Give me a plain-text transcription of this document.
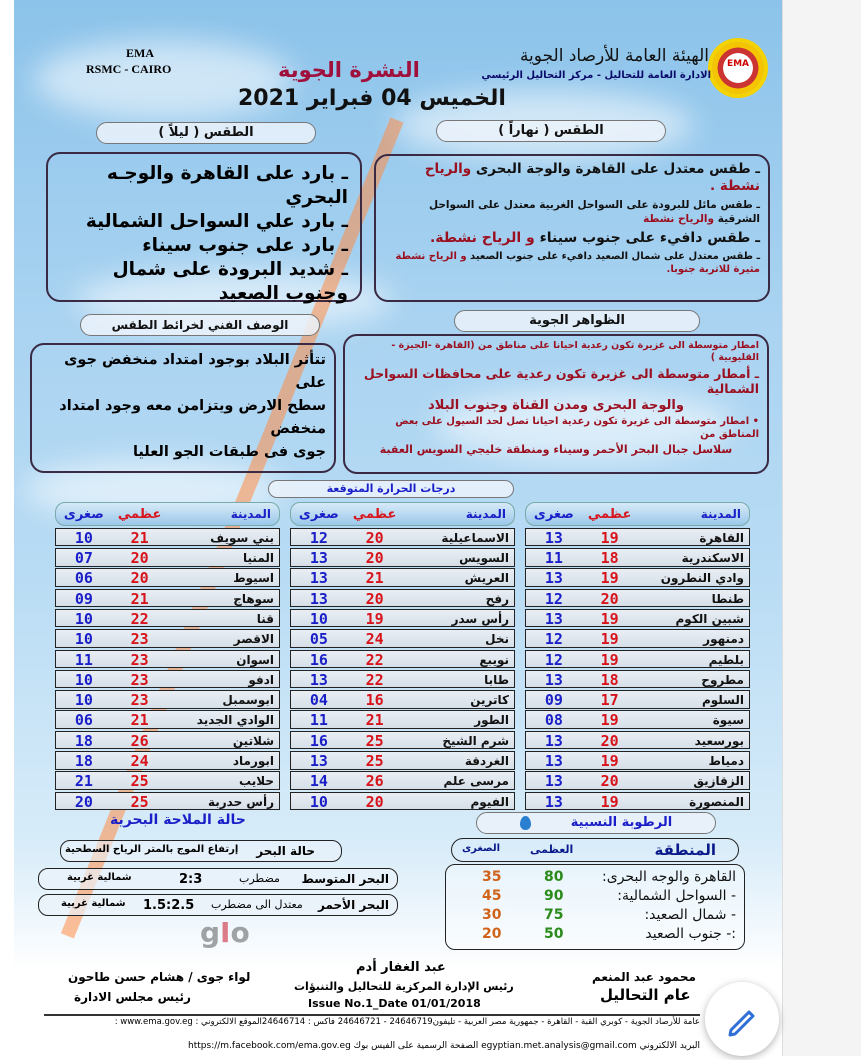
EMA
الهيئة العامة للأرصاد الجوية
الادارة العامة للتحاليل - مركز التحاليل الرئيسي
EMA
RSMC - CAIRO	النشرة الجوية
الخميس 04 فبراير 2021
الطقس ( نهاراً )
الطقس ( ليلاً )
ـ طقس معتدل على القاهرة والوجة البحرى والرياح نشطة .
ـ طقس مائل للبرودة على السواحل الغربية معتدل على السواحل الشرقية والرياح نشطة
ـ طقس دافيء على جنوب سيناء و الرياح نشطة.
ـ طقس معتدل على شمال الصعيد دافيء على جنوب الصعيد و الرياح نشطة مثيرة للاتربة جنوبا.
ـ بارد على القاهرة والوجـه البحري
ـ بارد علي السواحل الشمالية
ـ بارد على جنوب سيناء
ـ شديد البرودة على شمال وجنوب الصعيد
الوصف الفني لخرائط الطقس	الظواهر الجوية
تتأثر البلاد بوجود امتداد منخفض جوى على
سطح الارض ويتزامن معه وجود امتداد منخفض
جوى فى طبقات الجو العليا
امطار متوسطة الى غزيرة تكون رعدية احيانا على مناطق من (القاهرة -الجيزة - القليوبية )
ـ أمطار متوسطة الى غزيرة تكون رعدية على محافظات السواحل الشمالية
والوجة البحرى ومدن القناة وجنوب البلاد
• امطار متوسطة الى غزيرة تكون رعدية احيانا تصل لحد السيول على بعض المناطق من
سلاسل جبال البحر الأحمر وسيناء ومنطقة خليجي السويس العقبة
درجات الحرارة المتوقعة
صغرى	عظمي	المدينة
13	19	القاهرة
11	18	الاسكندرية
13	19	وادي النطرون
12	20	طنطا
13	19	شبين الكوم
12	19	دمنهور
12	19	بلطيم
13	18	مطروح
09	17	السلوم
08	19	سيوة
13	20	بورسعيد
13	19	دمياط
13	20	الزقازيق
13	19	المنصورة
صغرى	عظمي	المدينة
12	20	الاسماعيلية
13	20	السويس
13	21	العريش
13	20	رفح
10	19	رأس سدر
05	24	نخل
16	22	نويبع
13	22	طابا
04	16	كاترين
11	21	الطور
16	25	شرم الشيخ
13	25	الغردقة
14	26	مرسى علم
10	20	الفيوم
صغرى	عظمي	المدينة
10	21	بني سويف
07	20	المنيا
06	20	اسيوط
09	21	سوهاج
10	22	قنا
10	23	الاقصر
11	23	اسوان
10	23	ادفو
10	23	ابوسمبل
06	21	الوادي الجديد
18	26	شلاتين
18	24	ابورماد
21	25	حلايب
20	25	رأس حدربة
حالة الملاحة البحرية
حالة البحر
إرتفاع الموج بالمتر
الرياح السطحية
البحر المتوسط
مضطرب
2:3
شمالية غربية
البحر الأحمر
معتدل الى مضطرب
1.5:2.5
شمالية غربية
gIo
الرطوبة النسبية
المنطقة
العظمى
الصغرى
القاهرة والوجه البحرى:
80
35
- السواحل الشمالية:
90
45
- شمال الصعيد:
75
30
:- جنوب الصعيد
50
20
محمود عبد المنعم
عام التحاليل
عبد الغفار أدم
رئيس الإدارة المركزية للتحاليل والتنبؤات
Issue No.1_Date 01/01/2018
لواء جوى / هشام حسن طاحون
رئيس مجلس الادارة
عامة للأرصاد الجوية - كوبري القبة - القاهرة - جمهورية مصر العربية - تليفون24646719 - 24646721 فاكس : 24646714الموقع الالكتروني : www.ema.gov.eg :
البريد الالكتروني egyptian.met.analysis@gmail.com الصفحة الرسمية على الفيس بوك https://m.facebook.com/ema.gov.eg
